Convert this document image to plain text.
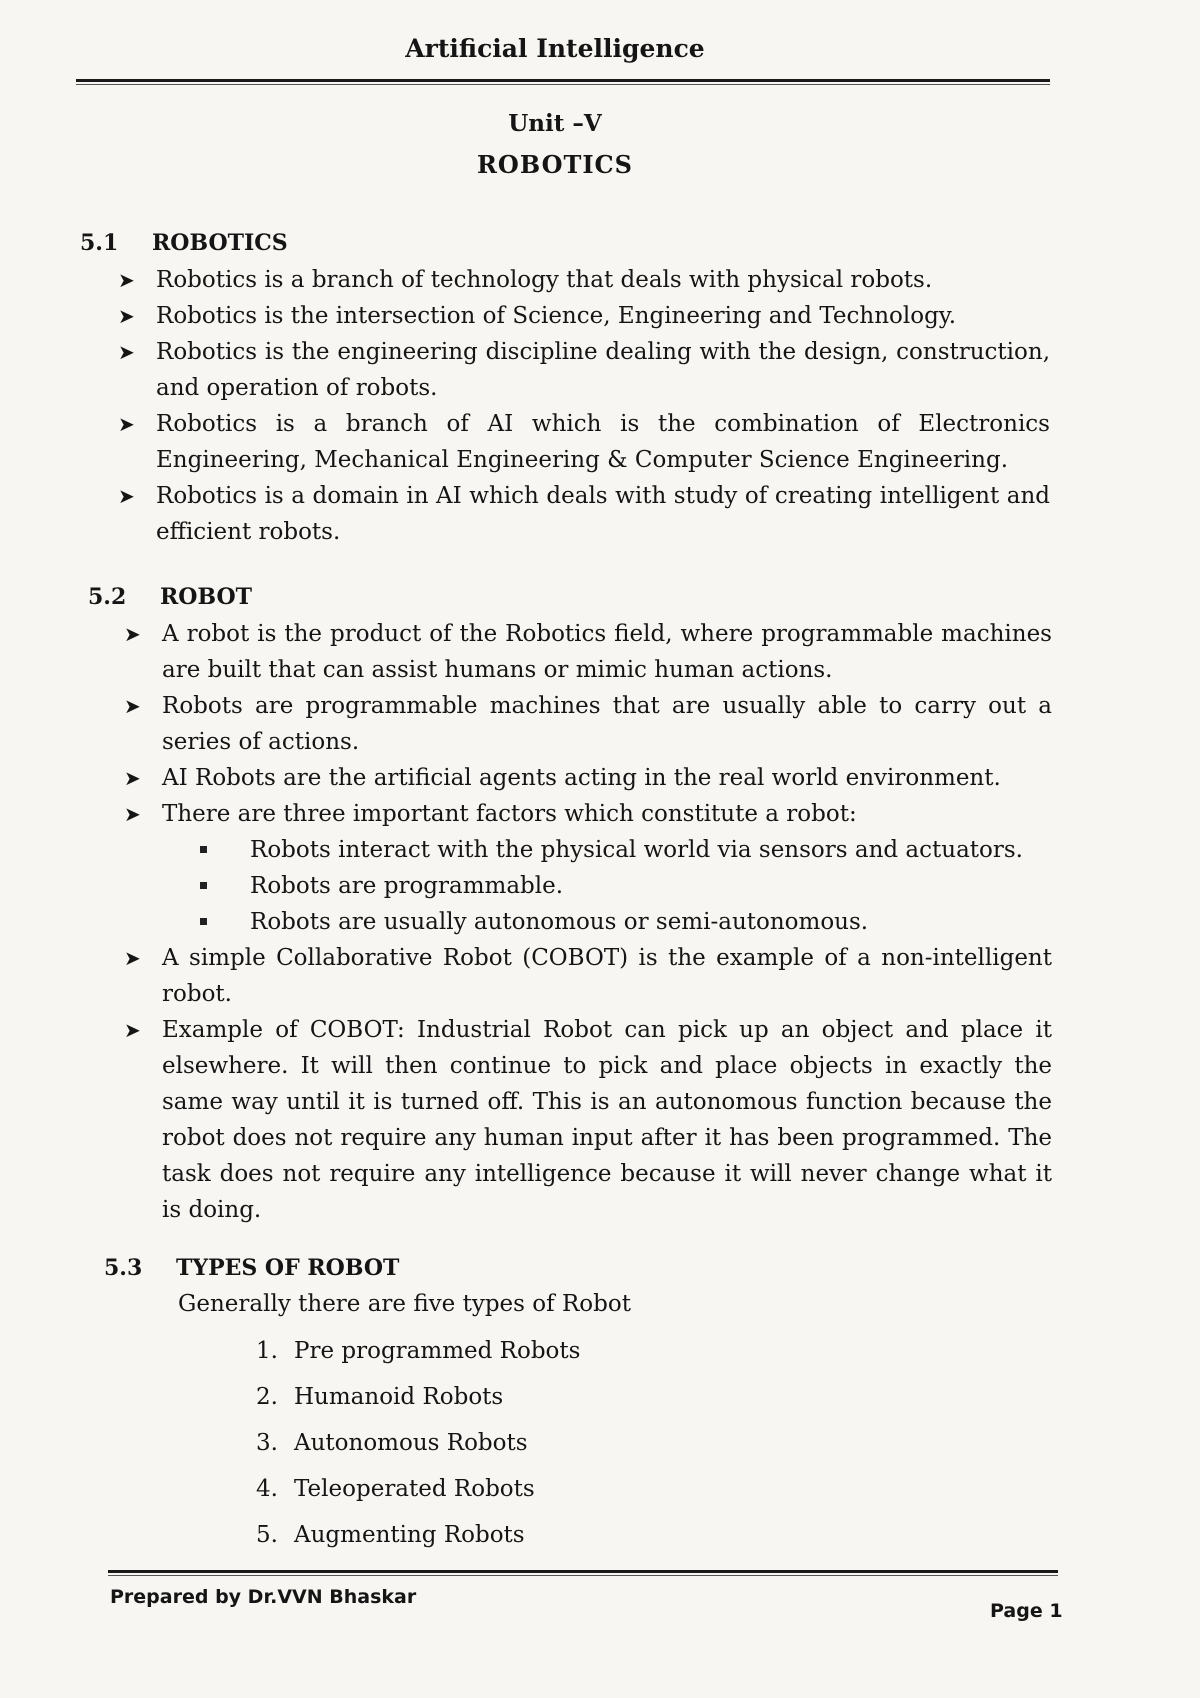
Artificial Intelligence
Unit –V
ROBOTICS
5.1 ROBOTICS

➤ Robotics is a branch of technology that deals with physical robots.

➤ Robotics is the intersection of Science, Engineering and Technology.

➤ Robotics is the engineering discipline dealing with the design, construction, and operation of robots.

➤ Robotics is a branch of AI which is the combination of Electronics Engineering, Mechanical Engineering & Computer Science Engineering.

➤ Robotics is a domain in AI which deals with study of creating intelligent and efficient robots.

5.2 ROBOT

➤ A robot is the product of the Robotics field, where programmable machines are built that can assist humans or mimic human actions.

➤ Robots are programmable machines that are usually able to carry out a series of actions.

➤ AI Robots are the artificial agents acting in the real world environment.

➤ There are three important factors which constitute a robot:

Robots interact with the physical world via sensors and actuators.
Robots are programmable.
Robots are usually autonomous or semi-autonomous.

➤ A simple Collaborative Robot (COBOT) is the example of a non-intelligent robot.

➤ Example of COBOT: Industrial Robot can pick up an object and place it elsewhere. It will then continue to pick and place objects in exactly the same way until it is turned off. This is an autonomous function because the robot does not require any human input after it has been programmed. The task does not require any intelligence because it will never change what it is doing.

5.3 TYPES OF ROBOT
Generally there are five types of Robot
1. Pre programmed Robots
2. Humanoid Robots
3. Autonomous Robots
4. Teleoperated Robots
5. Augmenting Robots
Prepared by Dr.VVN Bhaskar
Page 1
